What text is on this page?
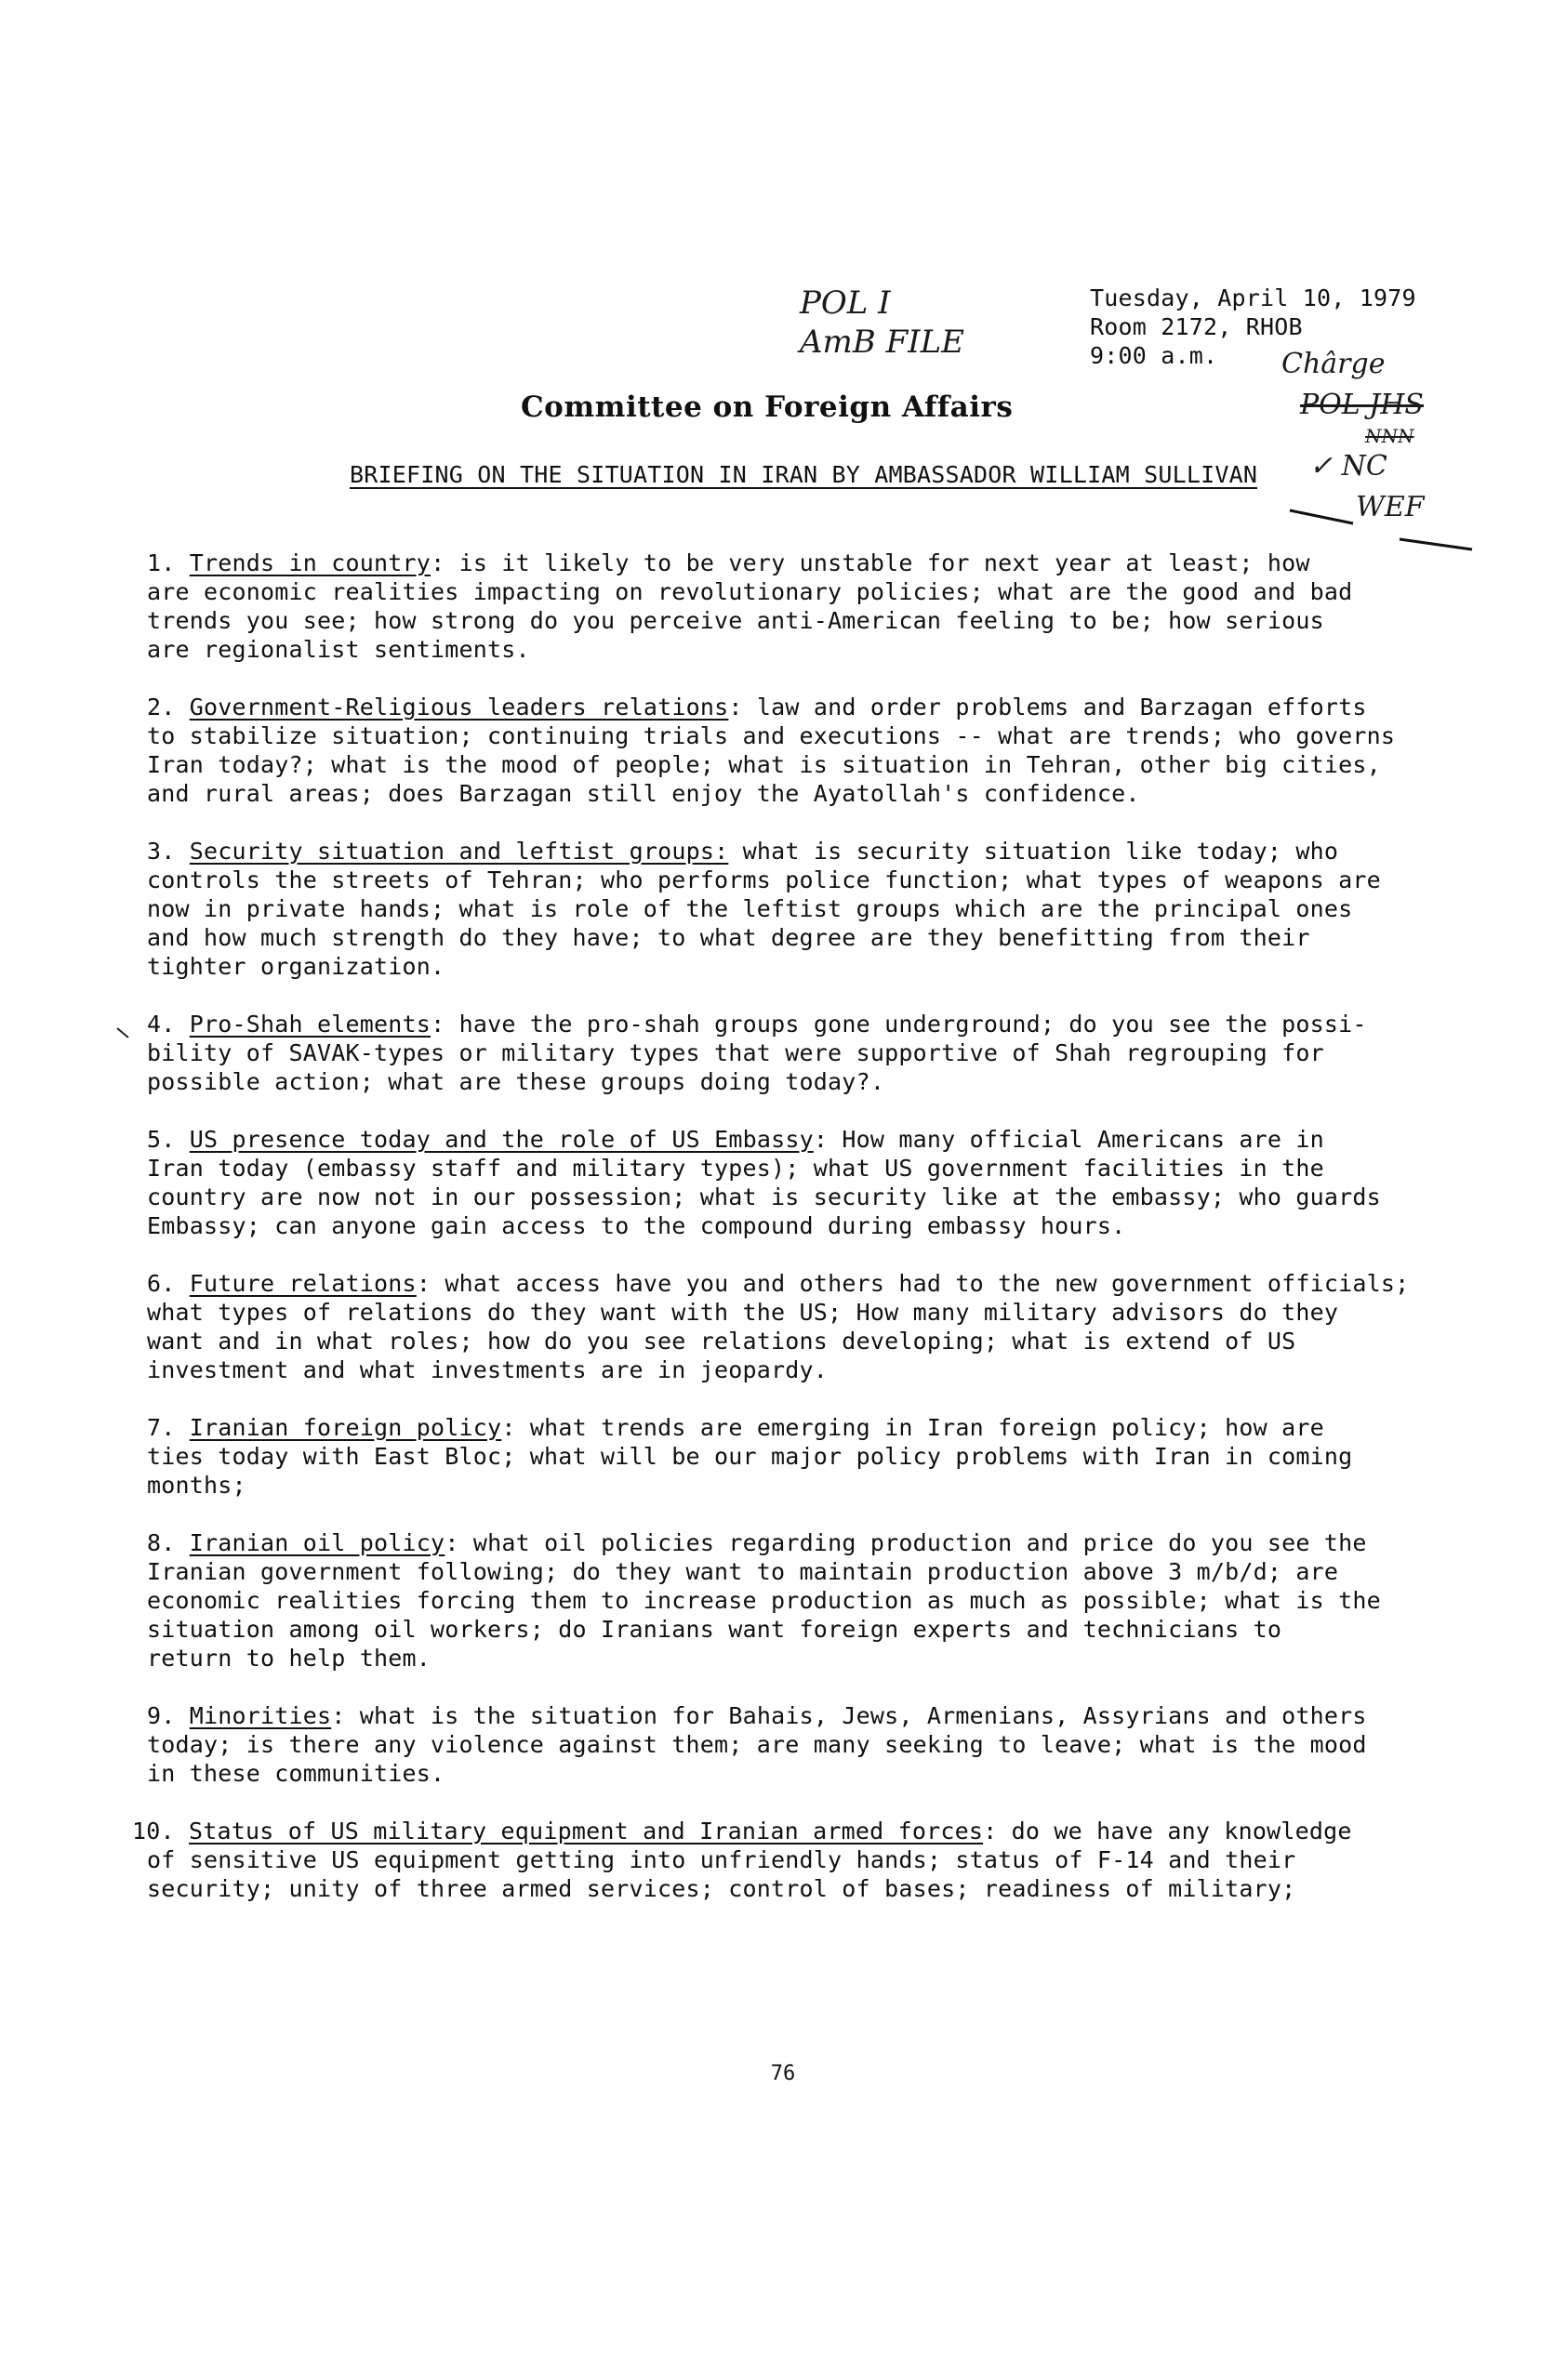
POL I
AmB FILE
Tuesday, April 10, 1979
Room 2172, RHOB
9:00 a.m.	Chârge
POL JHS
NNN
✓ NC
WEF
Committee on Foreign Affairs
BRIEFING ON THE SITUATION IN IRAN BY AMBASSADOR WILLIAM SULLIVAN

1. Trends in country: is it likely to be very unstable for next year at least; how
are economic realities impacting on revolutionary policies; what are the good and bad
trends you see; how strong do you perceive anti-American feeling to be; how serious
are regionalist sentiments.

2. Government-Religious leaders relations: law and order problems and Barzagan efforts
to stabilize situation; continuing trials and executions -- what are trends; who governs
Iran today?; what is the mood of people; what is situation in Tehran, other big cities,
and rural areas; does Barzagan still enjoy the Ayatollah's confidence.

3. Security situation and leftist groups: what is security situation like today; who
controls the streets of Tehran; who performs police function; what types of weapons are
now in private hands; what is role of the leftist groups which are the principal ones
and how much strength do they have; to what degree are they benefitting from their
tighter organization.

4. Pro-Shah elements: have the pro-shah groups gone underground; do you see the possi-
bility of SAVAK-types or military types that were supportive of Shah regrouping for
possible action; what are these groups doing today?.

5. US presence today and the role of US Embassy: How many official Americans are in
Iran today (embassy staff and military types); what US government facilities in the
country are now not in our possession; what is security like at the embassy; who guards
Embassy; can anyone gain access to the compound during embassy hours.

6. Future relations: what access have you and others had to the new government officials;
what types of relations do they want with the US; How many military advisors do they
want and in what roles; how do you see relations developing; what is extend of US
investment and what investments are in jeopardy.

7. Iranian foreign policy: what trends are emerging in Iran foreign policy; how are
ties today with East Bloc; what will be our major policy problems with Iran in coming
months;

8. Iranian oil policy: what oil policies regarding production and price do you see the
Iranian government following; do they want to maintain production above 3 m/b/d; are
economic realities forcing them to increase production as much as possible; what is the
situation among oil workers; do Iranians want foreign experts and technicians to
return to help them.

9. Minorities: what is the situation for Bahais, Jews, Armenians, Assyrians and others
today; is there any violence against them; are many seeking to leave; what is the mood
in these communities.

10. Status of US military equipment and Iranian armed forces: do we have any knowledge
of sensitive US equipment getting into unfriendly hands; status of F-14 and their
security; unity of three armed services; control of bases; readiness of military;

76
